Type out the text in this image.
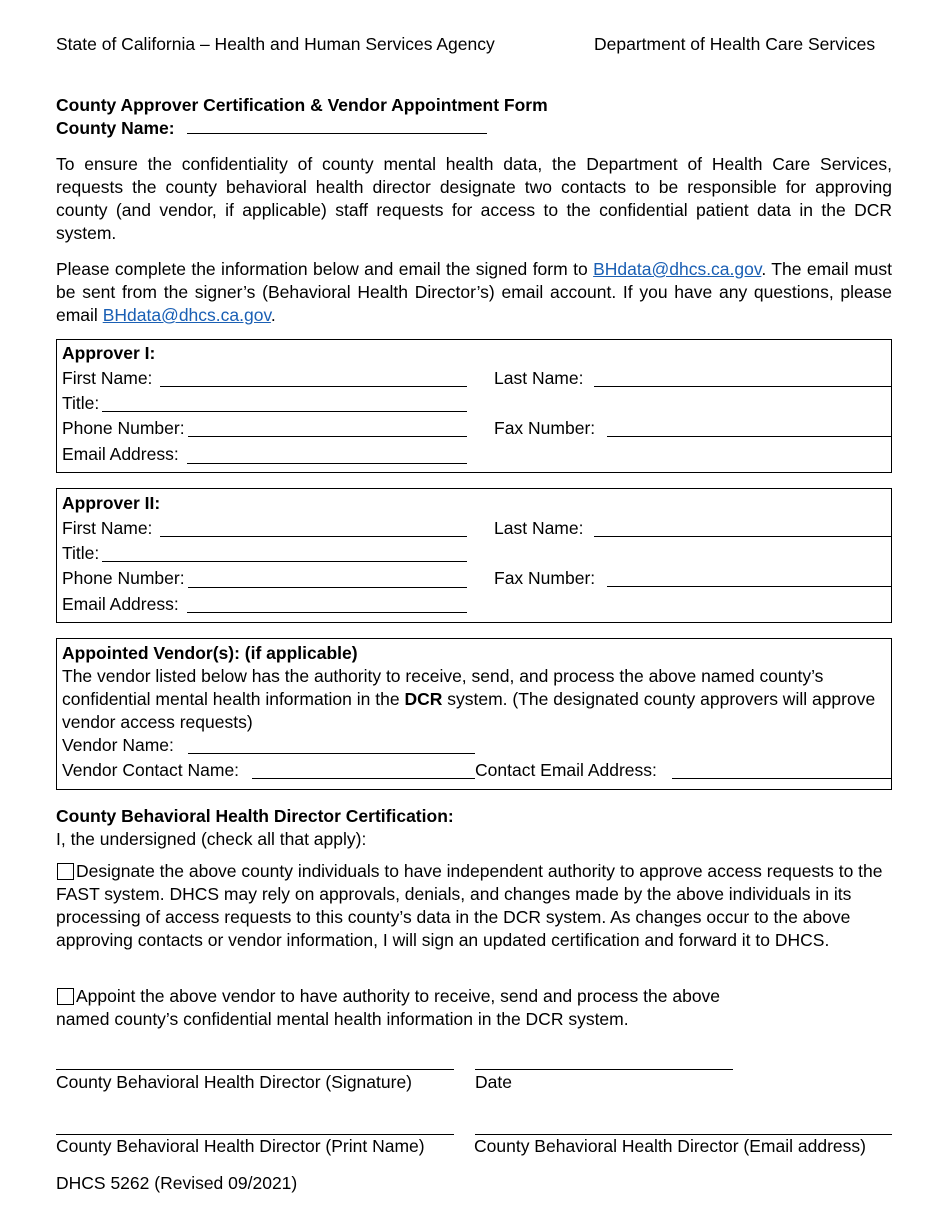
State of California – Health and Human Services Agency	Department of Health Care Services
County Approver Certification & Vendor Appointment Form
County Name:

To ensure the confidentiality of county mental health data, the Department of Health Care Services, requests the county behavioral health director designate two contacts to be responsible for approving county (and vendor, if applicable) staff requests for access to the confidential patient data in the DCR system.

Please complete the information below and email the signed form to BHdata@dhcs.ca.gov. The email must be sent from the signer’s (Behavioral Health Director’s) email account. If you have any questions, please email BHdata@dhcs.ca.gov.

Approver I:
First Name:	Last Name:
Title:
Phone Number:	Fax Number:
Email Address:
Approver II:
First Name:	Last Name:
Title:
Phone Number:	Fax Number:
Email Address:
Appointed Vendor(s): (if applicable)

The vendor listed below has the authority to receive, send, and process the above named county’s confidential mental health information in the DCR system. (The designated county approvers will approve vendor access requests)

Vendor Name:
Vendor Contact Name:	Contact Email Address:
County Behavioral Health Director Certification:
I, the undersigned (check all that apply):

Designate the above county individuals to have independent authority to approve access requests to the FAST system. DHCS may rely on approvals, denials, and changes made by the above individuals in its processing of access requests to this county’s data in the DCR system. As changes occur to the above approving contacts or vendor information, I will sign an updated certification and forward it to DHCS.

Appoint the above vendor to have authority to receive, send and process the above
named county’s confidential mental health information in the DCR system.
County Behavioral Health Director (Signature)	Date
County Behavioral Health Director (Print Name)	County Behavioral Health Director (Email address)
DHCS 5262 (Revised 09/2021)
